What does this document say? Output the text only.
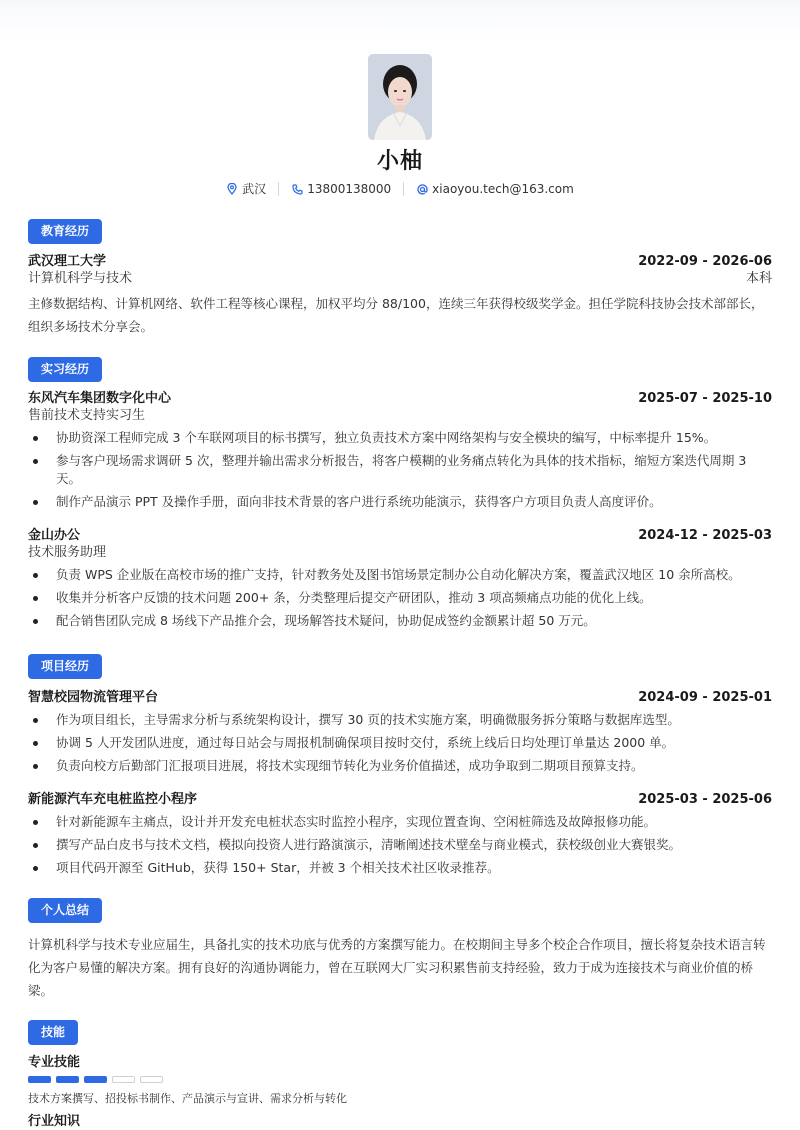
小柚
武汉	13800138000	xiaoyou.tech@163.com
教育经历
武汉理工大学	2022-09 - 2026-06
计算机科学与技术	本科
主修数据结构、计算机网络、软件工程等核心课程，加权平均分 88/100，连续三年获得校级奖学金。担任学院科技协会技术部部长，组织多场技术分享会。
实习经历
东风汽车集团数字化中心	2025-07 - 2025-10
售前技术支持实习生
协助资深工程师完成 3 个车联网项目的标书撰写，独立负责技术方案中网络架构与安全模块的编写，中标率提升 15%。
参与客户现场需求调研 5 次，整理并输出需求分析报告，将客户模糊的业务痛点转化为具体的技术指标，缩短方案迭代周期 3 天。
制作产品演示 PPT 及操作手册，面向非技术背景的客户进行系统功能演示，获得客户方项目负责人高度评价。
金山办公	2024-12 - 2025-03
技术服务助理
负责 WPS 企业版在高校市场的推广支持，针对教务处及图书馆场景定制办公自动化解决方案，覆盖武汉地区 10 余所高校。
收集并分析客户反馈的技术问题 200+ 条，分类整理后提交产研团队，推动 3 项高频痛点功能的优化上线。
配合销售团队完成 8 场线下产品推介会，现场解答技术疑问，协助促成签约金额累计超 50 万元。
项目经历
智慧校园物流管理平台	2024-09 - 2025-01
作为项目组长，主导需求分析与系统架构设计，撰写 30 页的技术实施方案，明确微服务拆分策略与数据库选型。
协调 5 人开发团队进度，通过每日站会与周报机制确保项目按时交付，系统上线后日均处理订单量达 2000 单。
负责向校方后勤部门汇报项目进展，将技术实现细节转化为业务价值描述，成功争取到二期项目预算支持。
新能源汽车充电桩监控小程序	2025-03 - 2025-06
针对新能源车主痛点，设计并开发充电桩状态实时监控小程序，实现位置查询、空闲桩筛选及故障报修功能。
撰写产品白皮书与技术文档，模拟向投资人进行路演演示，清晰阐述技术壁垒与商业模式，获校级创业大赛银奖。
项目代码开源至 GitHub，获得 150+ Star，并被 3 个相关技术社区收录推荐。
个人总结
计算机科学与技术专业应届生，具备扎实的技术功底与优秀的方案撰写能力。在校期间主导多个校企合作项目，擅长将复杂技术语言转化为客户易懂的解决方案。拥有良好的沟通协调能力，曾在互联网大厂实习积累售前支持经验，致力于成为连接技术与商业价值的桥梁。
技能
专业技能
技术方案撰写、招投标书制作、产品演示与宣讲、需求分析与转化
行业知识
